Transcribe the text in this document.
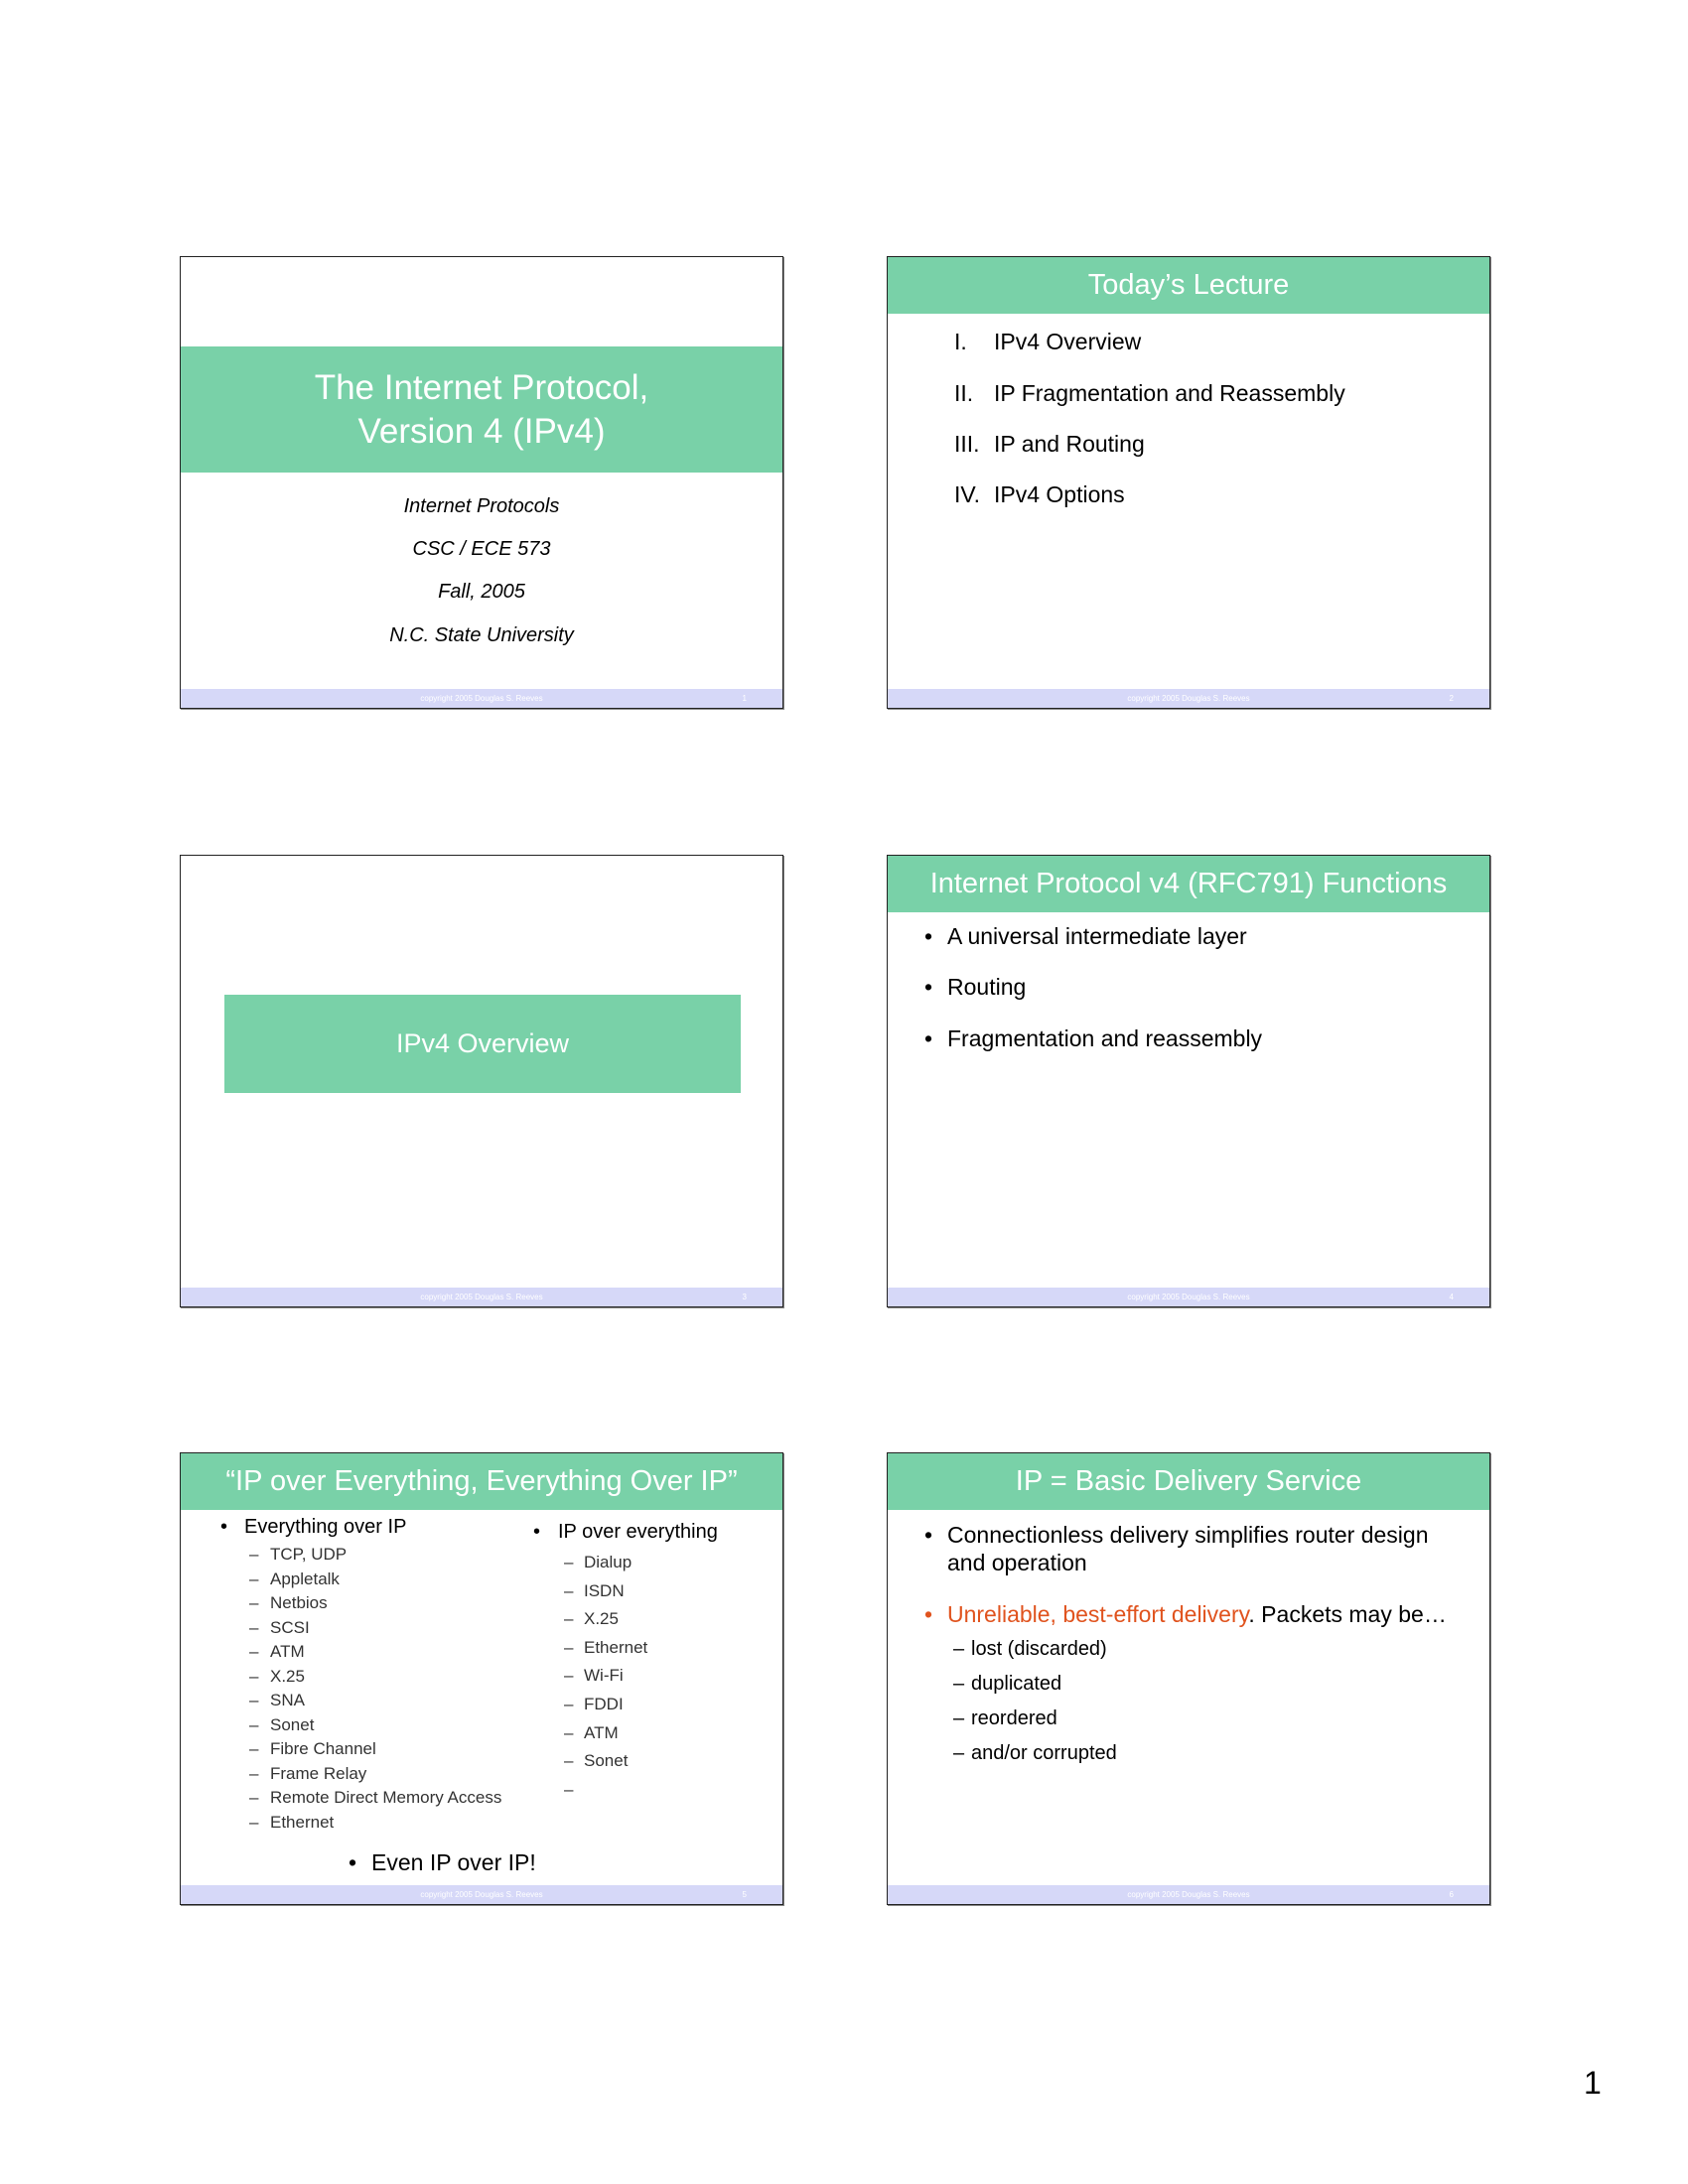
The Internet Protocol,
Version 4 (IPv4)
Internet Protocols
CSC / ECE 573
Fall, 2005
N.C. State University
copyright 2005 Douglas S. Reeves	1
Today’s Lecture
I. IPv4 Overview
II. IP Fragmentation and Reassembly
III. IP and Routing
IV. IPv4 Options
copyright 2005 Douglas S. Reeves	2
IPv4 Overview
copyright 2005 Douglas S. Reeves	3
Internet Protocol v4 (RFC791) Functions
• A universal intermediate layer
• Routing
• Fragmentation and reassembly
copyright 2005 Douglas S. Reeves	4
“IP over Everything, Everything Over IP”
• Everything over IP
– TCP, UDP
– Appletalk
– Netbios
– SCSI
– ATM
– X.25
– SNA
– Sonet
– Fibre Channel
– Frame Relay
– Remote Direct Memory Access
– Ethernet
• IP over everything
– Dialup
– ISDN
– X.25
– Ethernet
– Wi-Fi
– FDDI
– ATM
– Sonet
–
• Even IP over IP!
copyright 2005 Douglas S. Reeves	5
IP = Basic Delivery Service
• Connectionless delivery simplifies router design
and operation
• Unreliable, best-effort delivery. Packets may be…
– lost (discarded)
– duplicated
– reordered
– and/or corrupted
copyright 2005 Douglas S. Reeves	6
1
